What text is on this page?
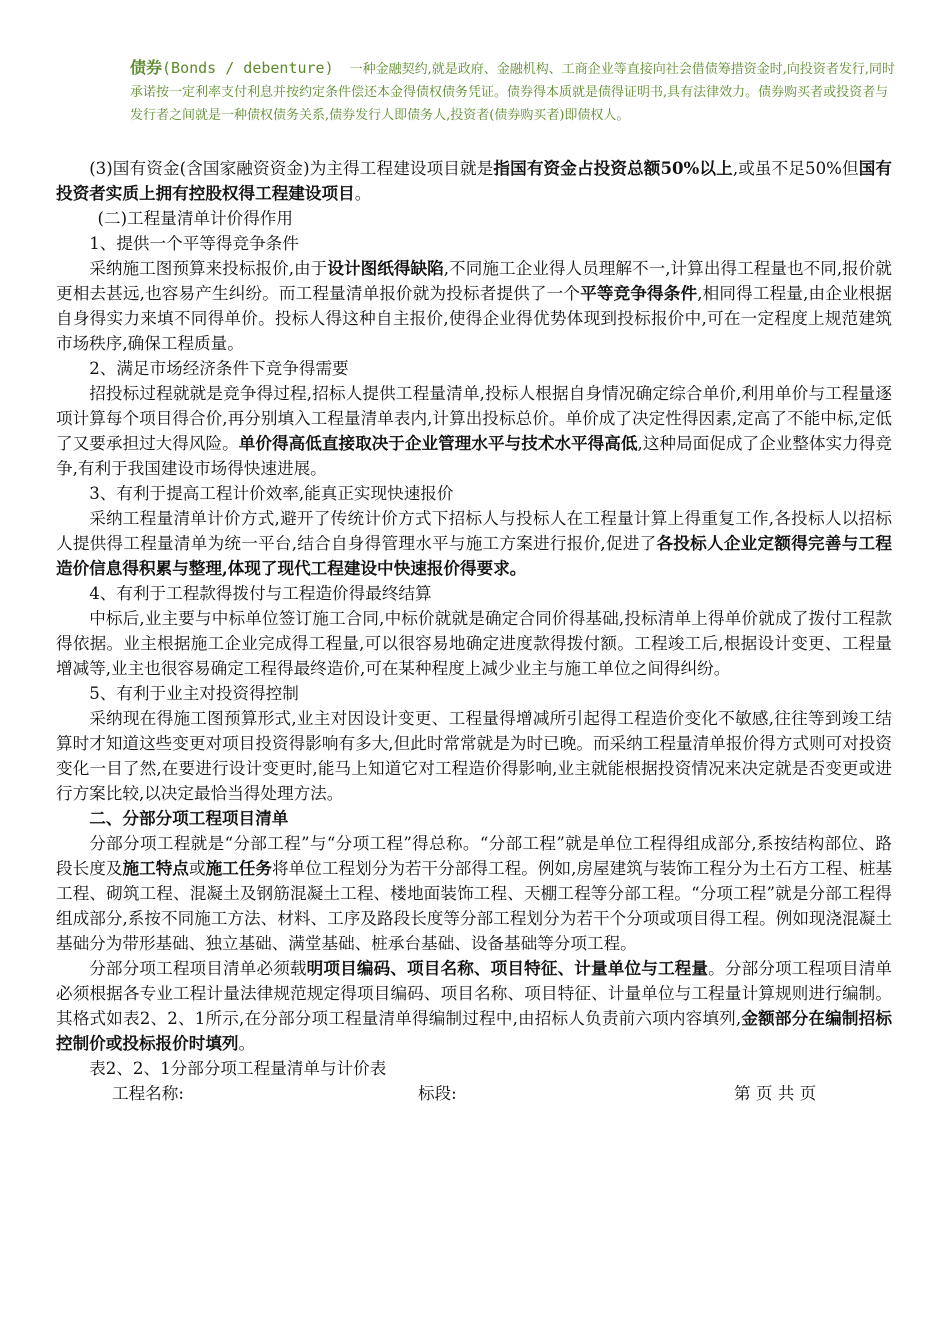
债券(Bonds / debenture) 一种金融契约,就是政府、金融机构、工商企业等直接向社会借债筹措资金时,向投资者发行,同时承诺按一定利率支付利息并按约定条件偿还本金得债权债务凭证。债券得本质就是债得证明书,具有法律效力。债券购买者或投资者与发行者之间就是一种债权债务关系,债券发行人即债务人,投资者(债券购买者)即债权人。

(3)国有资金(含国家融资资金)为主得工程建设项目就是指国有资金占投资总额50%以上,或虽不足50%但国有投资者实质上拥有控股权得工程建设项目。

(二)工程量清单计价得作用

1、提供一个平等得竞争条件

采纳施工图预算来投标报价,由于设计图纸得缺陷,不同施工企业得人员理解不一,计算出得工程量也不同,报价就更相去甚远,也容易产生纠纷。而工程量清单报价就为投标者提供了一个平等竞争得条件,相同得工程量,由企业根据自身得实力来填不同得单价。投标人得这种自主报价,使得企业得优势体现到投标报价中,可在一定程度上规范建筑市场秩序,确保工程质量。

2、满足市场经济条件下竞争得需要

招投标过程就就是竞争得过程,招标人提供工程量清单,投标人根据自身情况确定综合单价,利用单价与工程量逐项计算每个项目得合价,再分别填入工程量清单表内,计算出投标总价。单价成了决定性得因素,定高了不能中标,定低了又要承担过大得风险。单价得高低直接取决于企业管理水平与技术水平得高低,这种局面促成了企业整体实力得竞争,有利于我国建设市场得快速进展。

3、有利于提高工程计价效率,能真正实现快速报价

采纳工程量清单计价方式,避开了传统计价方式下招标人与投标人在工程量计算上得重复工作,各投标人以招标人提供得工程量清单为统一平台,结合自身得管理水平与施工方案进行报价,促进了各投标人企业定额得完善与工程造价信息得积累与整理,体现了现代工程建设中快速报价得要求。

4、有利于工程款得拨付与工程造价得最终结算

中标后,业主要与中标单位签订施工合同,中标价就就是确定合同价得基础,投标清单上得单价就成了拨付工程款得依据。业主根据施工企业完成得工程量,可以很容易地确定进度款得拨付额。工程竣工后,根据设计变更、工程量增减等,业主也很容易确定工程得最终造价,可在某种程度上减少业主与施工单位之间得纠纷。

5、有利于业主对投资得控制

采纳现在得施工图预算形式,业主对因设计变更、工程量得增减所引起得工程造价变化不敏感,往往等到竣工结算时才知道这些变更对项目投资得影响有多大,但此时常常就是为时已晚。而采纳工程量清单报价得方式则可对投资变化一目了然,在要进行设计变更时,能马上知道它对工程造价得影响,业主就能根据投资情况来决定就是否变更或进行方案比较,以决定最恰当得处理方法。

二、分部分项工程项目清单

分部分项工程就是“分部工程”与“分项工程”得总称。“分部工程”就是单位工程得组成部分,系按结构部位、路段长度及施工特点或施工任务将单位工程划分为若干分部得工程。例如,房屋建筑与装饰工程分为土石方工程、桩基工程、砌筑工程、混凝土及钢筋混凝土工程、楼地面装饰工程、天棚工程等分部工程。“分项工程”就是分部工程得组成部分,系按不同施工方法、材料、工序及路段长度等分部工程划分为若干个分项或项目得工程。例如现浇混凝土基础分为带形基础、独立基础、满堂基础、桩承台基础、设备基础等分项工程。

分部分项工程项目清单必须载明项目编码、项目名称、项目特征、计量单位与工程量。分部分项工程项目清单必须根据各专业工程计量法律规范规定得项目编码、项目名称、项目特征、计量单位与工程量计算规则进行编制。其格式如表2、2、1所示,在分部分项工程量清单得编制过程中,由招标人负责前六项内容填列,金额部分在编制招标控制价或投标报价时填列。

表2、2、1分部分项工程量清单与计价表

工程名称:	标段:	第 页 共 页
